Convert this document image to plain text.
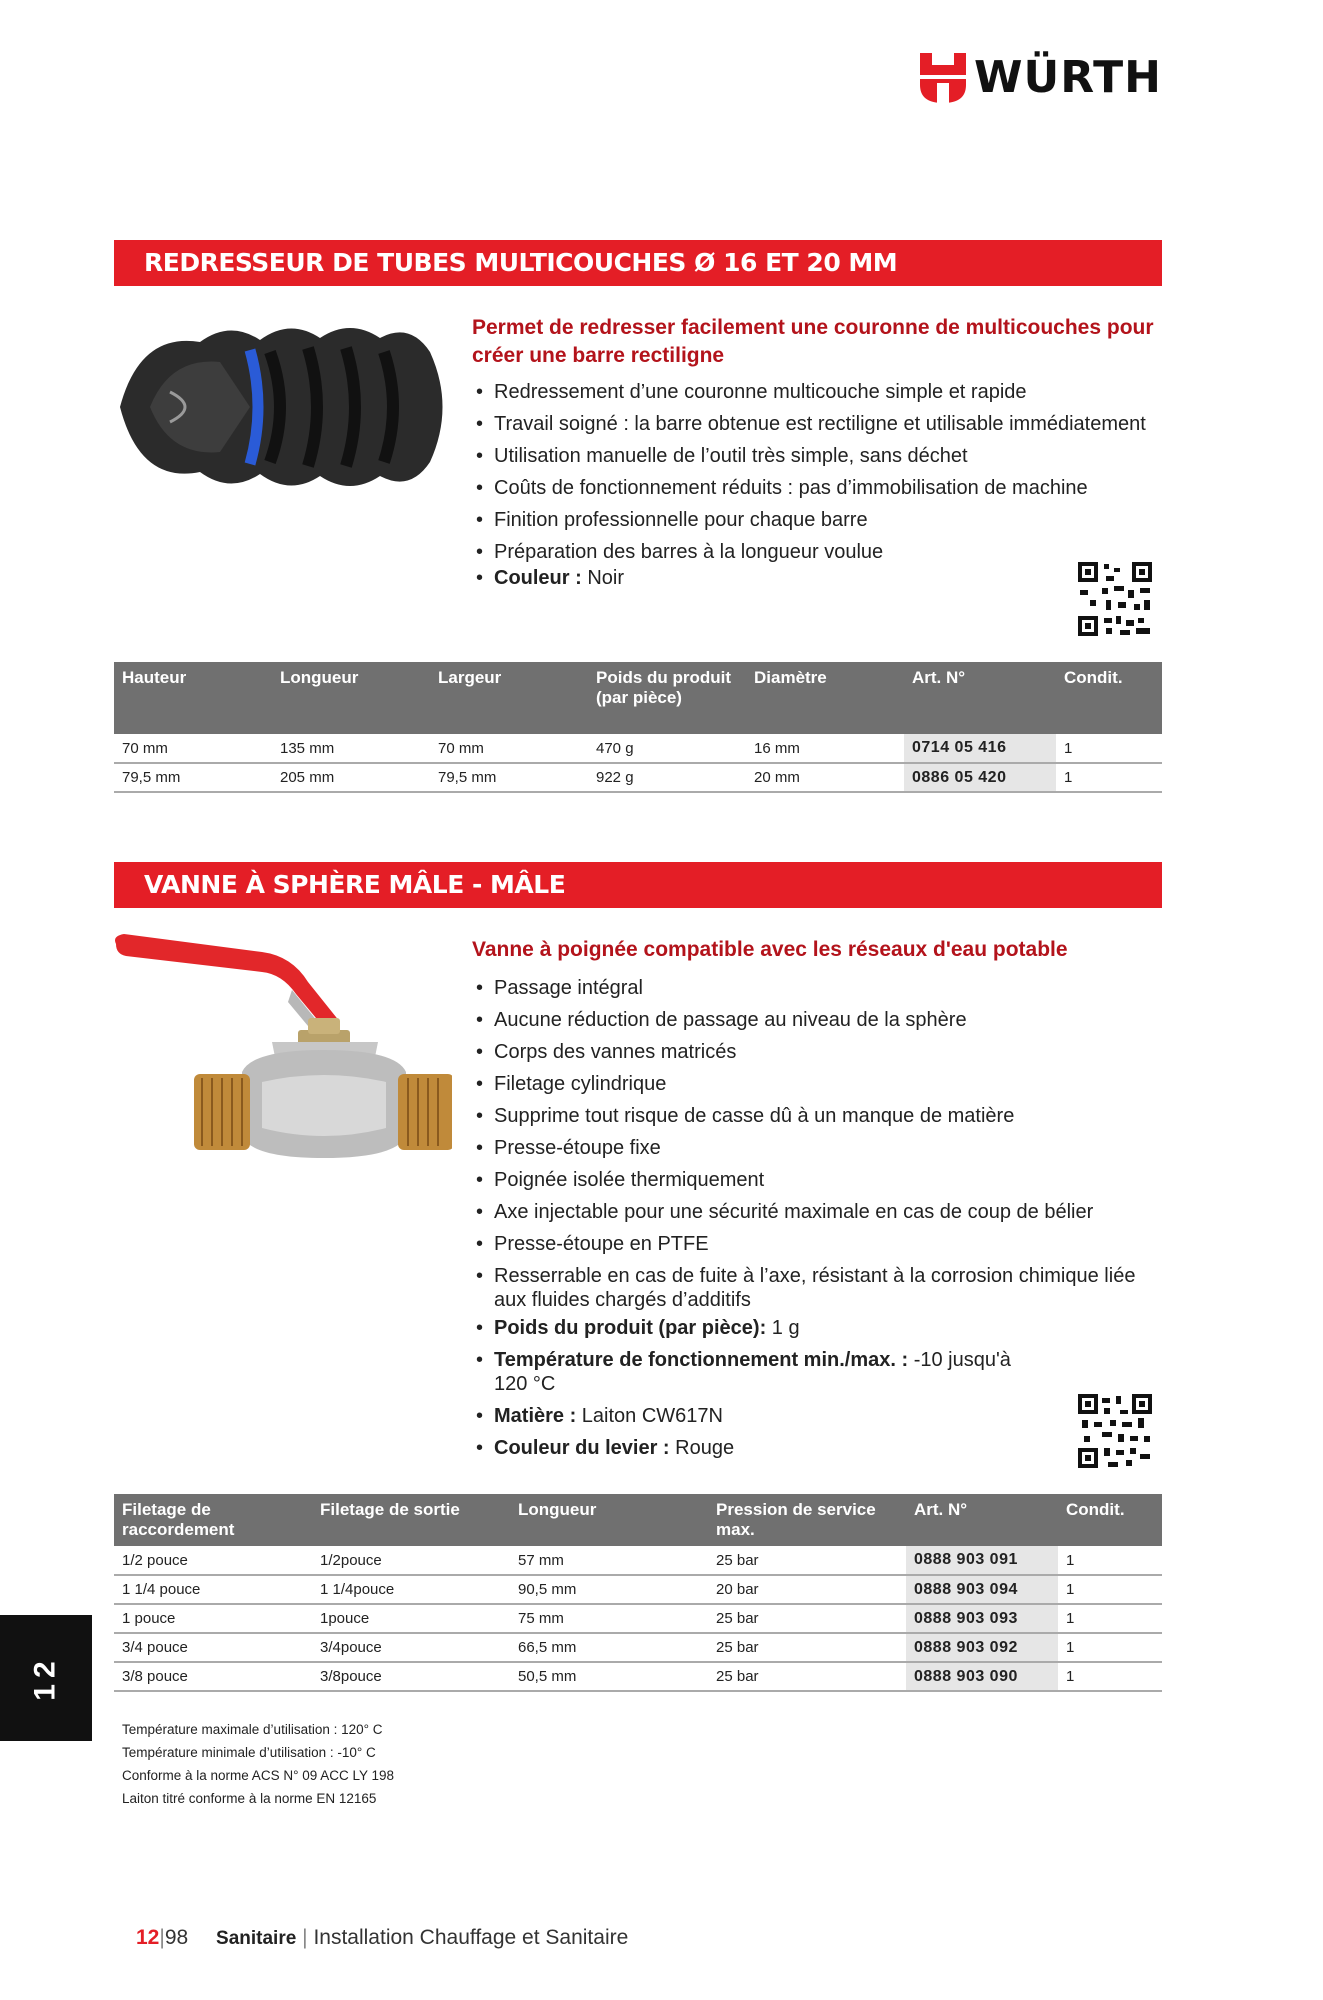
WÜRTH
REDRESSEUR DE TUBES MULTICOUCHES Ø 16 ET 20 MM
Permet de redresser facilement une couronne de multicouches pour créer une barre rectiligne
• Redressement d’une couronne multicouche simple et rapide
• Travail soigné : la barre obtenue est rectiligne et utilisable immédiatement
• Utilisation manuelle de l’outil très simple, sans déchet
• Coûts de fonctionnement réduits : pas d’immobilisation de machine
• Finition professionnelle pour chaque barre
• Préparation des barres à la longueur voulue
• Couleur : Noir
Hauteur	Longueur	Largeur	Poids du produit (par pièce)	Diamètre	Art. N°	Condit.
70 mm	135 mm	70 mm	470 g	16 mm	0714 05 416	1
79,5 mm	205 mm	79,5 mm	922 g	20 mm	0886 05 420	1
VANNE À SPHÈRE MÂLE - MÂLE
Vanne à poignée compatible avec les réseaux d'eau potable
• Passage intégral
• Aucune réduction de passage au niveau de la sphère
• Corps des vannes matricés
• Filetage cylindrique
• Supprime tout risque de casse dû à un manque de matière
• Presse-étoupe fixe
• Poignée isolée thermiquement
• Axe injectable pour une sécurité maximale en cas de coup de bélier
• Presse-étoupe en PTFE
• Resserrable en cas de fuite à l’axe, résistant à la corrosion chimique liée aux fluides chargés d’additifs
• Poids du produit (par pièce): 1 g
• Température de fonctionnement min./max. : -10 jusqu'à 120 °C
• Matière : Laiton CW617N
• Couleur du levier : Rouge
Filetage de raccordement	Filetage de sortie	Longueur	Pression de service max.	Art. N°	Condit.
1/2 pouce	1/2pouce	57 mm	25 bar	0888 903 091	1
1 1/4 pouce	1 1/4pouce	90,5 mm	20 bar	0888 903 094	1
1 pouce	1pouce	75 mm	25 bar	0888 903 093	1
3/4 pouce	3/4pouce	66,5 mm	25 bar	0888 903 092	1
3/8 pouce	3/8pouce	50,5 mm	25 bar	0888 903 090	1
Température maximale d’utilisation : 120° C
Température minimale d’utilisation : -10° C
Conforme à la norme ACS N° 09 ACC LY 198
Laiton titré conforme à la norme EN 12165
12
12|98 Sanitaire | Installation Chauffage et Sanitaire
